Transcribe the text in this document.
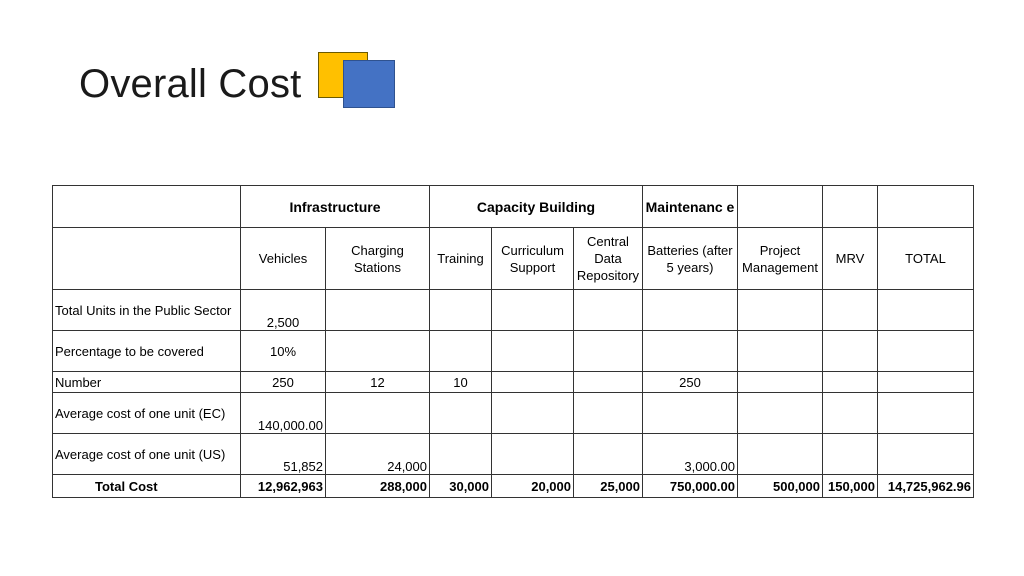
Overall Cost
	Infrastructure		Capacity Building			Maintenanc e			
	Vehicles	Charging Stations	Training	Curriculum Support	Central Data Repository	Batteries (after 5 years)	Project Management	MRV	TOTAL
Total Units in the Public Sector	2,500								
Percentage to be covered	10%								
Number	250	12	10			250			
Average cost of one unit (EC)	140,000.00								
Average cost of one unit (US)	51,852	24,000				3,000.00			
Total Cost	12,962,963	288,000	30,000	20,000	25,000	750,000.00	500,000	150,000	14,725,962.96
